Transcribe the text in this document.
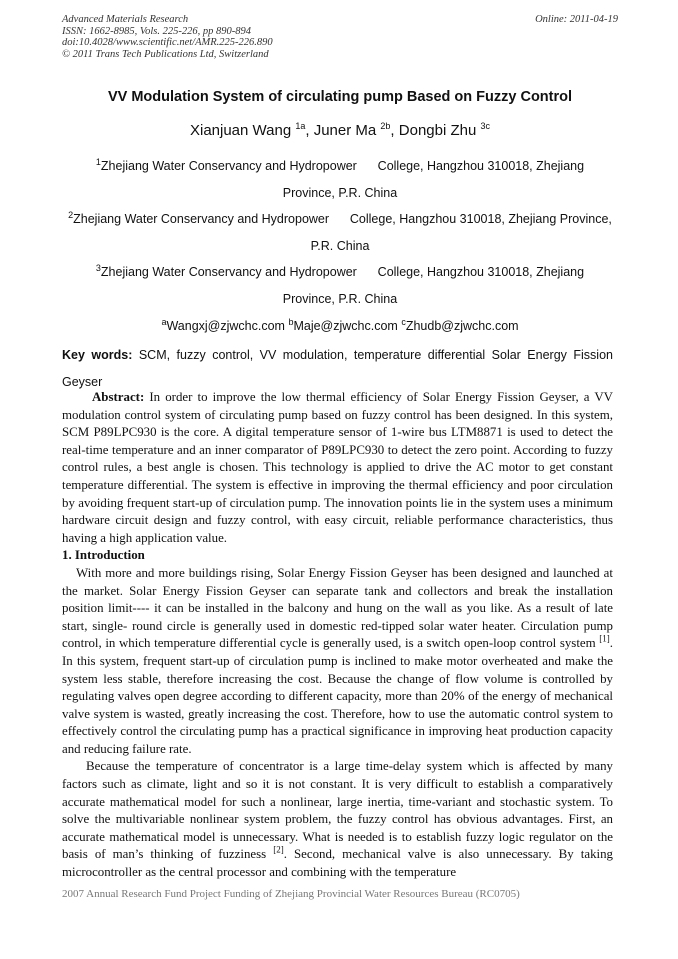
Advanced Materials Research
ISSN: 1662-8985, Vols. 225-226, pp 890-894
doi:10.4028/www.scientific.net/AMR.225-226.890
© 2011 Trans Tech Publications Ltd, Switzerland
Online: 2011-04-19
VV Modulation System of circulating pump Based on Fuzzy Control
Xianjuan Wang $^{1a}$, Juner Ma $^{2b}$, Dongbi Zhu $^{3c}$
$^1$Zhejiang Water Conservancy and Hydropower      College, Hangzhou 310018, Zhejiang
Province, P.R. China
$^2$Zhejiang Water Conservancy and Hydropower      College, Hangzhou 310018, Zhejiang Province,
P.R. China
$^3$Zhejiang Water Conservancy and Hydropower      College, Hangzhou 310018, Zhejiang
Province, P.R. China
$^a$Wangxj@zjwchc.com $^b$Maje@zjwchc.com $^c$Zhudb@zjwchc.com
Key words: SCM, fuzzy control, VV modulation, temperature differential Solar Energy Fission Geyser

Abstract: In order to improve the low thermal efficiency of Solar Energy Fission Geyser, a VV modulation control system of circulating pump based on fuzzy control has been designed. In this system, SCM P89LPC930 is the core. A digital temperature sensor of 1-wire bus LTM8871 is used to detect the real-time temperature and an inner comparator of P89LPC930 to detect the zero point. According to fuzzy control rules, a best angle is chosen. This technology is applied to drive the AC motor to get constant temperature differential. The system is effective in improving the thermal efficiency and poor circulation by avoiding frequent start-up of circulation pump. The innovation points lie in the system uses a minimum hardware circuit design and fuzzy control, with easy circuit, reliable performance characteristics, thus having a high application value.

1. Introduction

With more and more buildings rising, Solar Energy Fission Geyser has been designed and launched at the market. Solar Energy Fission Geyser can separate tank and collectors and break the installation position limit---- it can be installed in the balcony and hung on the wall as you like. As a result of late start, single- round circle is generally used in domestic red-tipped solar water heater. Circulation pump control, in which temperature differential cycle is generally used, is a switch open-loop control system [1]. In this system, frequent start-up of circulation pump is inclined to make motor overheated and make the system less stable, therefore increasing the cost. Because the change of flow volume is controlled by regulating valves open degree according to different capacity, more than 20% of the energy of mechanical valve system is wasted, greatly increasing the cost. Therefore, how to use the automatic control system to effectively control the circulating pump has a practical significance in improving heat production capacity and reducing failure rate.

Because the temperature of concentrator is a large time-delay system which is affected by many factors such as climate, light and so it is not constant. It is very difficult to establish a comparatively accurate mathematical model for such a nonlinear, large inertia, time-variant and stochastic system. To solve the multivariable nonlinear system problem, the fuzzy control has obvious advantages. First, an accurate mathematical model is unnecessary. What is needed is to establish fuzzy logic regulator on the basis of man’s thinking of fuzziness [2]. Second, mechanical valve is also unnecessary. By taking microcontroller as the central processor and combining with the temperature

2007 Annual Research Fund Project Funding of Zhejiang Provincial Water Resources Bureau (RC0705)
